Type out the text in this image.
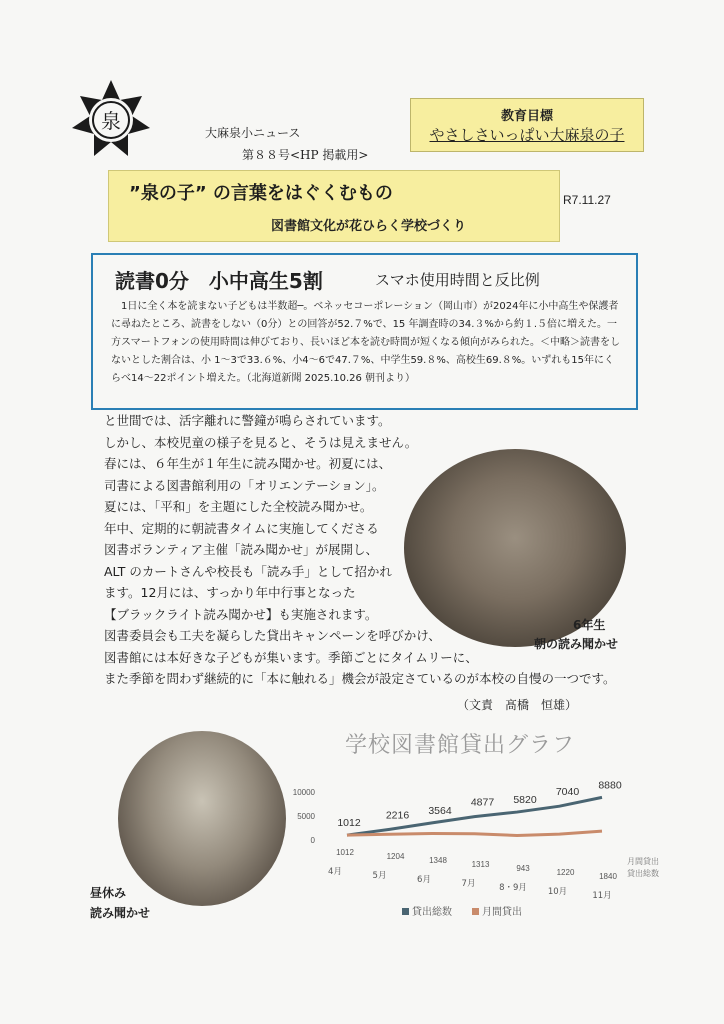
泉	大麻泉小ニュース
第８８号<HP 掲載用>
教育目標
やさしさいっぱい大麻泉の子
”泉の子” の言葉をはぐくむもの
図書館文化が花ひらく学校づくり
R7.11.27
読書0分　小中高生5割	スマホ使用時間と反比例
　1日に全く本を読まない子どもは半数超─。ベネッセコーポレーション（岡山市）が2024年に小中高生や保護者に尋ねたところ、読書をしない（0分）との回答が52.７%で、15 年調査時の34.３%から約１.５倍に増えた。一方スマートフォンの使用時間は伸びており、長いほど本を読む時間が短くなる傾向がみられた。＜中略＞読書をしないとした割合は、小 1〜3で33.６%、小4〜6で47.７%、中学生59.８%、高校生69.８%。いずれも15年にくらべ14〜22ポイント増えた。（北海道新聞 2025.10.26 朝刊より）
と世間では、活字離れに警鐘が鳴らされています。
しかし、本校児童の様子を見ると、そうは見えません。
春には、６年生が１年生に読み聞かせ。初夏には、
司書による図書館利用の「オリエンテーション」。
夏には、「平和」を主題にした全校読み聞かせ。
年中、定期的に朝読書タイムに実施してくださる
図書ボランティア主催「読み聞かせ」が展開し、
ALT のカートさんや校長も「読み手」として招かれ
ます。12月には、すっかり年中行事となった
【ブラックライト読み聞かせ】も実施されます。
図書委員会も工夫を凝らした貸出キャンペーンを呼びかけ、
図書館には本好きな子どもが集います。季節ごとにタイムリーに、
また季節を問わず継続的に「本に触れる」機会が設定さているのが本校の自慢の一つです。
（文責　髙橋　恒雄）
6年生
朝の読み聞かせ
昼休み
読み聞かせ
学校図書館貸出グラフ
10000
5000
0
1012
2216 3564
4877 5820
7040
8880
1012	1204	1348	1313	943	1220	1840
4月	5月	6月	7月	8・9月 10月	11月
月間貸出
貸出総数
貸出総数	月間貸出
